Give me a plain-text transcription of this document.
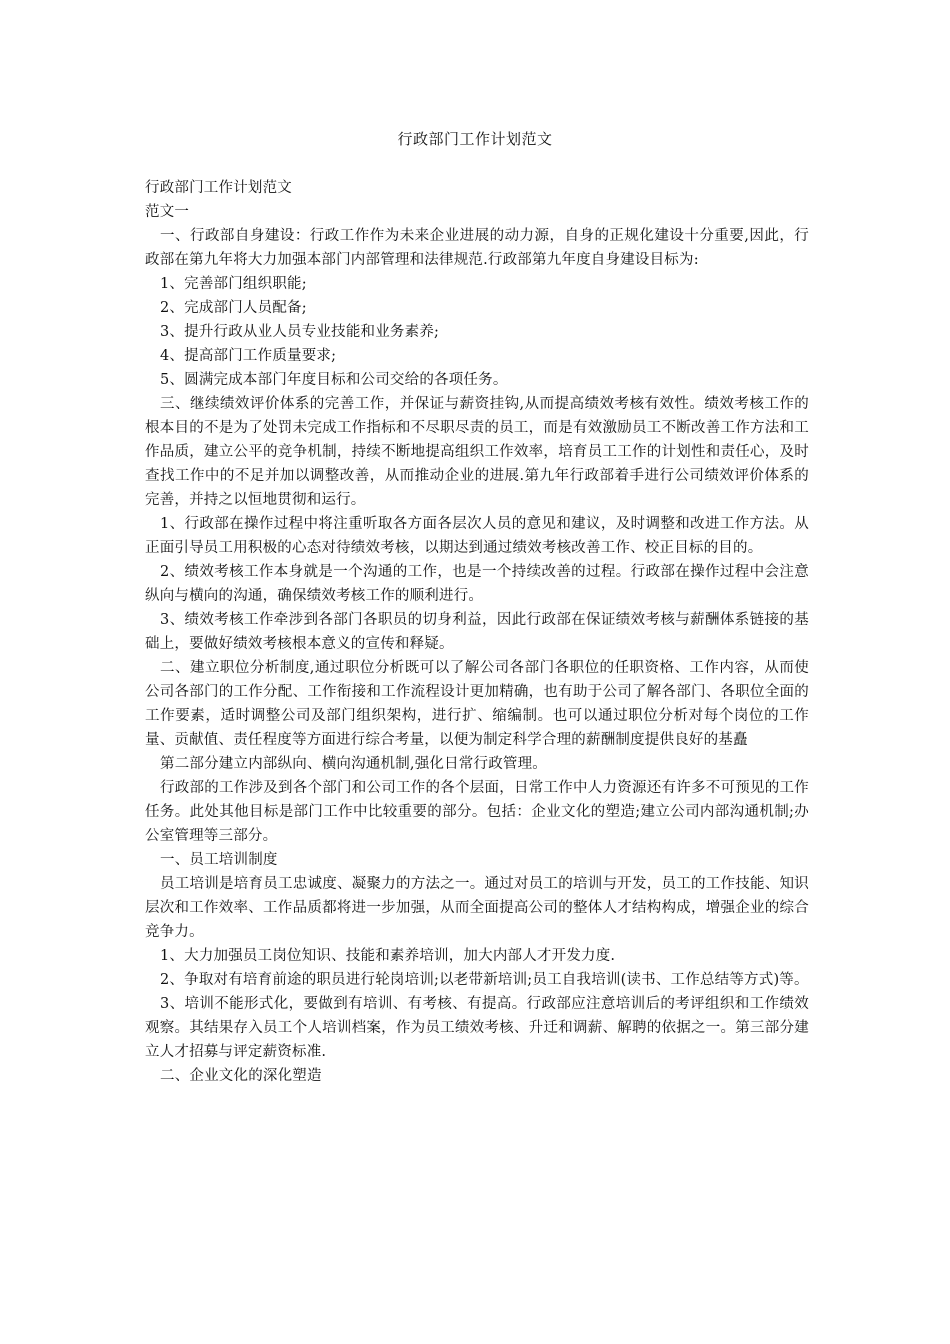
行政部门工作计划范文

行政部门工作计划范文

范文一

一、行政部自身建设：行政工作作为未来企业进展的动力源，自身的正规化建设十分重要,因此，行政部在第九年将大力加强本部门内部管理和法律规范.行政部第九年度自身建设目标为:

1、完善部门组织职能;

2、完成部门人员配备;

3、提升行政从业人员专业技能和业务素养;

4、提高部门工作质量要求;

5、圆满完成本部门年度目标和公司交给的各项任务。

三、继续绩效评价体系的完善工作，并保证与薪资挂钩,从而提高绩效考核有效性。绩效考核工作的根本目的不是为了处罚未完成工作指标和不尽职尽责的员工，而是有效激励员工不断改善工作方法和工作品质，建立公平的竞争机制，持续不断地提高组织工作效率，培育员工工作的计划性和责任心，及时查找工作中的不足并加以调整改善，从而推动企业的进展.第九年行政部着手进行公司绩效评价体系的完善，并持之以恒地贯彻和运行。

1、行政部在操作过程中将注重听取各方面各层次人员的意见和建议，及时调整和改进工作方法。从正面引导员工用积极的心态对待绩效考核，以期达到通过绩效考核改善工作、校正目标的目的。

2、绩效考核工作本身就是一个沟通的工作，也是一个持续改善的过程。行政部在操作过程中会注意纵向与横向的沟通，确保绩效考核工作的顺利进行。

3、绩效考核工作牵涉到各部门各职员的切身利益，因此行政部在保证绩效考核与薪酬体系链接的基础上，要做好绩效考核根本意义的宣传和释疑。

二、建立职位分析制度,通过职位分析既可以了解公司各部门各职位的任职资格、工作内容，从而使公司各部门的工作分配、工作衔接和工作流程设计更加精确，也有助于公司了解各部门、各职位全面的工作要素，适时调整公司及部门组织架构，进行扩、缩编制。也可以通过职位分析对每个岗位的工作量、贡献值、责任程度等方面进行综合考量，以便为制定科学合理的薪酬制度提供良好的基矗

第二部分建立内部纵向、横向沟通机制,强化日常行政管理。

行政部的工作涉及到各个部门和公司工作的各个层面，日常工作中人力资源还有许多不可预见的工作任务。此处其他目标是部门工作中比较重要的部分。包括：企业文化的塑造;建立公司内部沟通机制;办公室管理等三部分。

一、员工培训制度

员工培训是培育员工忠诚度、凝聚力的方法之一。通过对员工的培训与开发，员工的工作技能、知识层次和工作效率、工作品质都将进一步加强，从而全面提高公司的整体人才结构构成，增强企业的综合竞争力。

1、大力加强员工岗位知识、技能和素养培训，加大内部人才开发力度.

2、争取对有培育前途的职员进行轮岗培训;以老带新培训;员工自我培训(读书、工作总结等方式)等。

3、培训不能形式化，要做到有培训、有考核、有提高。行政部应注意培训后的考评组织和工作绩效观察。其结果存入员工个人培训档案，作为员工绩效考核、升迁和调薪、解聘的依据之一。第三部分建立人才招募与评定薪资标准.

二、企业文化的深化塑造
